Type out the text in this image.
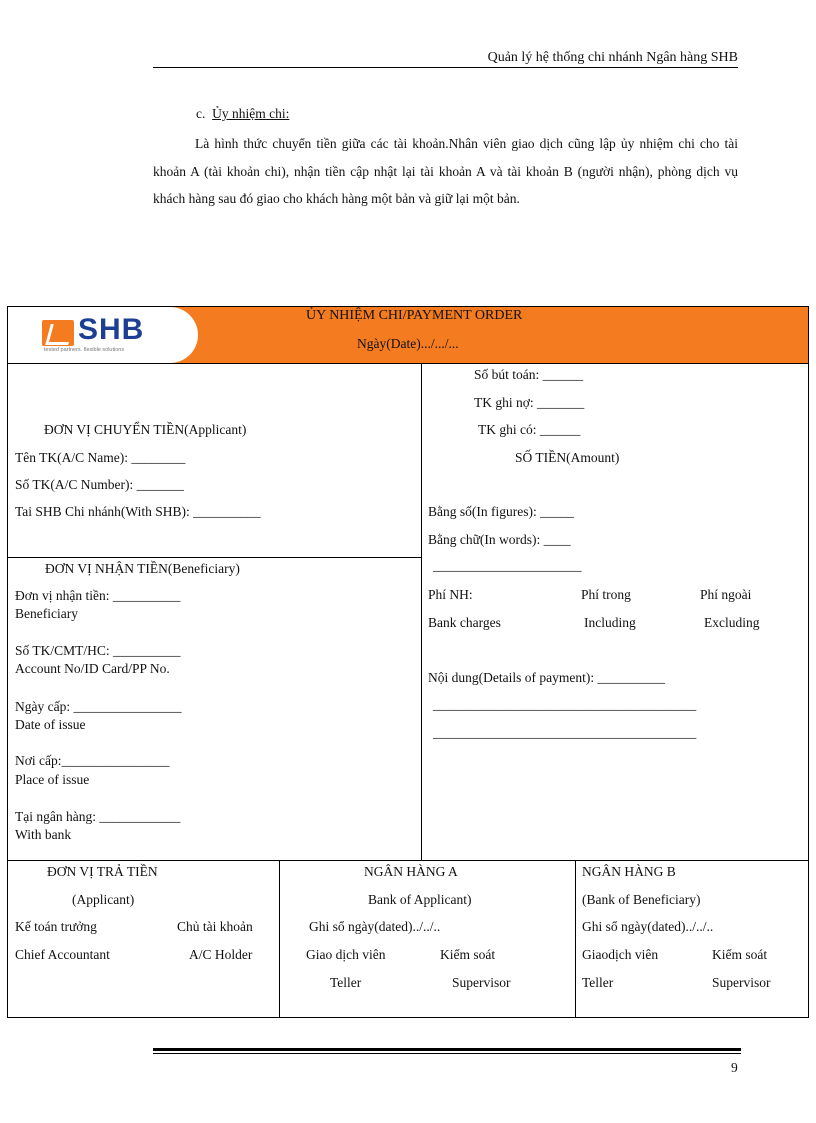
Quản lý hệ thống chi nhánh Ngân hàng SHB
c. Ủy nhiệm chi:
Là hình thức chuyển tiền giữa các tài khoản.Nhân viên giao dịch cũng lập ủy nhiệm chi cho tài khoản A (tài khoản chi), nhận tiền cập nhật lại tài khoản A và tài khoản B (người nhận), phòng dịch vụ khách hàng sau đó giao cho khách hàng một bản và giữ lại một bản.
SHB
tested partners. flexible solutions
ỦY NHIỆM CHI/PAYMENT ORDER
Ngày(Date).../.../...
Số bút toán: ______
TK ghi nợ: _______
TK ghi có: ______
SỐ TIỀN(Amount)
Bằng số(In figures): _____
Bằng chữ(In words): ____
______________________
Phí NH:	Phí trong	Phí ngoài
Bank charges	Including	Excluding
Nội dung(Details of payment): __________
_______________________________________
_______________________________________
ĐƠN VỊ CHUYỂN TIỀN(Applicant)
Tên TK(A/C Name): ________
Số TK(A/C Number): _______
Tai SHB Chi nhánh(With SHB): __________
ĐƠN VỊ NHẬN TIỀN(Beneficiary)
Đơn vị nhận tiền: __________
Beneficiary
Số TK/CMT/HC: __________
Account No/ID Card/PP No.
Ngày cấp: ________________
Date of issue
Nơi cấp:________________
Place of issue
Tại ngân hàng: ____________
With bank
ĐƠN VỊ TRẢ TIỀN
(Applicant)
Kế toán trưởng	Chủ tài khoản
Chief Accountant	A/C Holder
NGÂN HÀNG A
Bank of Applicant)
Ghi sổ ngày(dated)../../..
Giao dịch viên	Kiểm soát
Teller	Supervisor
NGÂN HÀNG B
(Bank of Beneficiary)
Ghi sổ ngày(dated)../../..
Giaodịch viên	Kiểm soát
Teller	Supervisor
9
